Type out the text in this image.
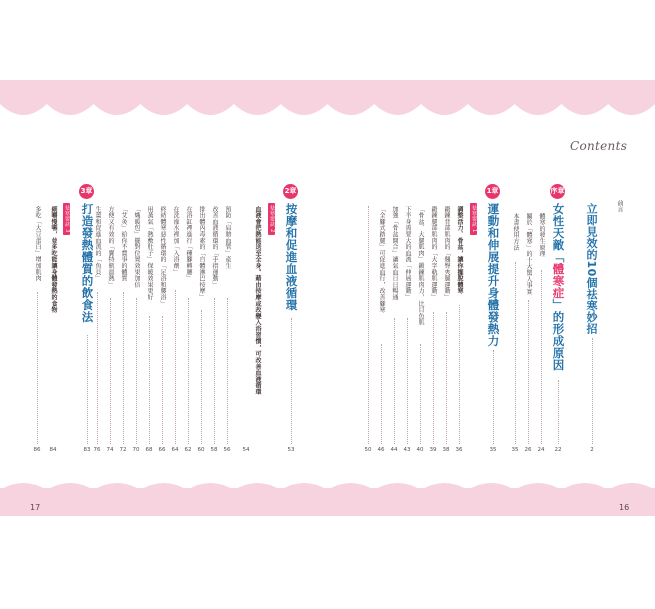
17	16
Contents
前言
立即見效的10個祛寒妙招
2
序章
女性天敵「體寒症」的形成原因
22
體寒的發生原理
24
關於「體寒」的十大驚人事實
26
本書使用方法
35
1章
運動和伸展提升身體發熱力
35
祛寒要訣 1
調整活力、骨盆，讓你擺脫體寒
36
鍛鍊背部肌肉的「翹臀夾腿運動」
38
鍛鍊腿部肌肉的「大字軌肌運動」
39
「骨盆．大腿肌肉」鍛鍊肌肉力，比目魚肌
40
下半身需要大的血流「伸展運動」
43
加強「骨盆開合」讓氣血日日暢通
44
「全腳式踏腿」可促進血行，改善腳寒
46
50
2章
按摩和促進血液循環
53
祛寒要訣 2
血液會把熱能送至全身。藉由按摩或改變入浴習慣，可改善血液循環
54
預防「肩膀血管」產生
56
改善血液循環的「手指運動」
58
排出體內毒素的「自體淋巴按摩」
60
在浴缸裡進行「種腳轉腰」
62
在洗澡水裡加「入浴劑」
64
終結體寒惡性循環的「足浴和腰浴」
66
用蒸氣「熱敷肚子」保暖效果更好
68
「熾暖包」擺對位置效果加倍
70
「艾灸」給你不費事的體質
72
方便又有效的「寶特瓶溫熱」
74
生薑和促進血流的「魚貝」
76
3章
打造發熱體質的飲食法
83
祛寒要訣 3
細嚼慢嚥，並多吃能讓身體發熱的食物
84
多吃「大豆蛋白」增加肌肉
86
